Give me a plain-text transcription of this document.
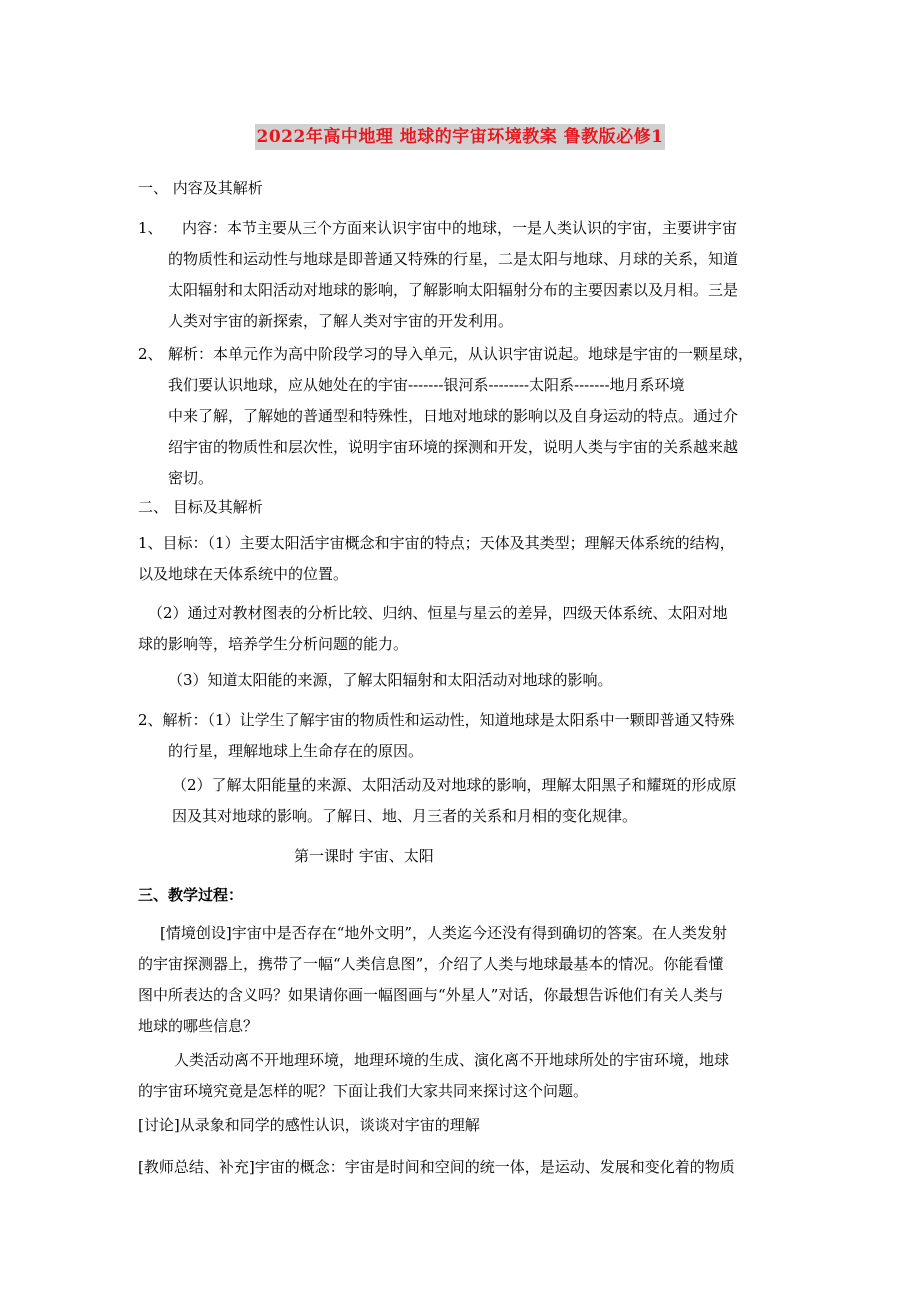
2022年高中地理 地球的宇宙环境教案 鲁教版必修1
一、 内容及其解析
1、	内容：本节主要从三个方面来认识宇宙中的地球，一是人类认识的宇宙，主要讲宇宙
的物质性和运动性与地球是即普通又特殊的行星，二是太阳与地球、月球的关系，知道
太阳辐射和太阳活动对地球的影响，了解影响太阳辐射分布的主要因素以及月相。三是
人类对宇宙的新探索，了解人类对宇宙的开发利用。
2、 解析：本单元作为高中阶段学习的导入单元，从认识宇宙说起。地球是宇宙的一颗星球，
我们要认识地球，应从她处在的宇宙-------银河系--------太阳系-------地月系环境
中来了解，了解她的普通型和特殊性，日地对地球的影响以及自身运动的特点。通过介
绍宇宙的物质性和层次性，说明宇宙环境的探测和开发，说明人类与宇宙的关系越来越
密切。
二、 目标及其解析
1、目标：（1）主要太阳活宇宙概念和宇宙的特点；天体及其类型；理解天体系统的结构，
以及地球在天体系统中的位置。
（2）通过对教材图表的分析比较、归纳、恒星与星云的差异，四级天体系统、太阳对地
球的影响等，培养学生分析问题的能力。
（3）知道太阳能的来源，了解太阳辐射和太阳活动对地球的影响。
2、解析：（1）让学生了解宇宙的物质性和运动性，知道地球是太阳系中一颗即普通又特殊
的行星，理解地球上生命存在的原因。
（2）了解太阳能量的来源、太阳活动及对地球的影响，理解太阳黑子和耀斑的形成原
因及其对地球的影响。了解日、地、月三者的关系和月相的变化规律。
第一课时 宇宙、太阳
三、教学过程：
[情境创设]宇宙中是否存在“地外文明”，人类迄今还没有得到确切的答案。在人类发射
的宇宙探测器上，携带了一幅“人类信息图”，介绍了人类与地球最基本的情况。你能看懂
图中所表达的含义吗？如果请你画一幅图画与“外星人”对话，你最想告诉他们有关人类与
地球的哪些信息？
人类活动离不开地理环境，地理环境的生成、演化离不开地球所处的宇宙环境，地球
的宇宙环境究竟是怎样的呢？下面让我们大家共同来探讨这个问题。
[讨论]从录象和同学的感性认识，谈谈对宇宙的理解
[教师总结、补充]宇宙的概念：宇宙是时间和空间的统一体，是运动、发展和变化着的物质
